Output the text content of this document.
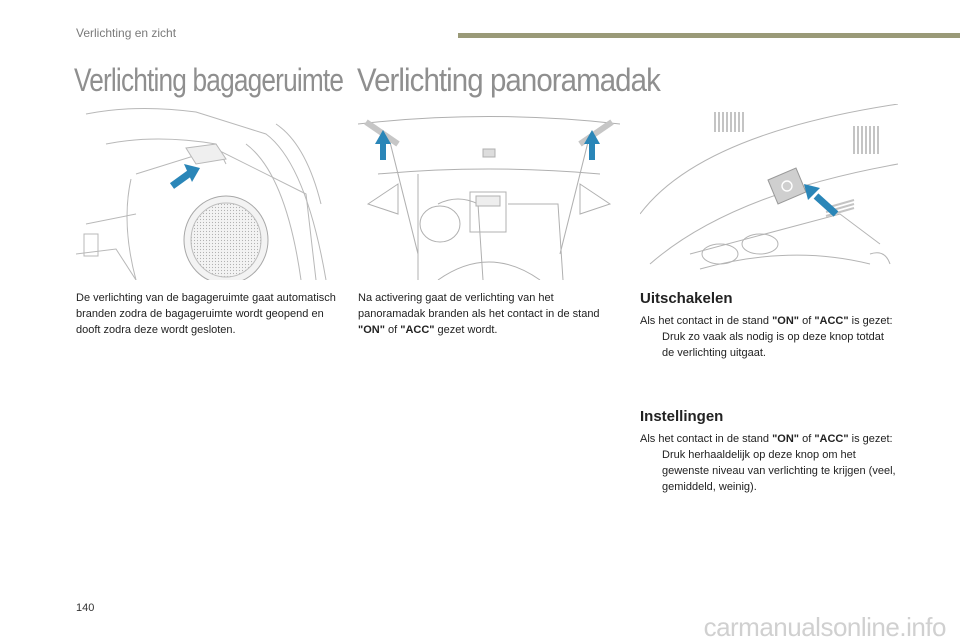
Verlichting en zicht
Verlichting bagageruimte Verlichting panoramadak
De verlichting van de bagageruimte gaat automatisch branden zodra de bagageruimte wordt geopend en dooft zodra deze wordt gesloten.
Na activering gaat de verlichting van het panoramadak branden als het contact in de stand "ON" of "ACC" gezet wordt.
Uitschakelen
Als het contact in de stand "ON" of "ACC" is gezet:
Druk zo vaak als nodig is op deze knop totdat de verlichting uitgaat.
Instellingen
Als het contact in de stand "ON" of "ACC" is gezet:
Druk herhaaldelijk op deze knop om het gewenste niveau van verlichting te krijgen (veel, gemiddeld, weinig).
140
carmanualsonline.info
